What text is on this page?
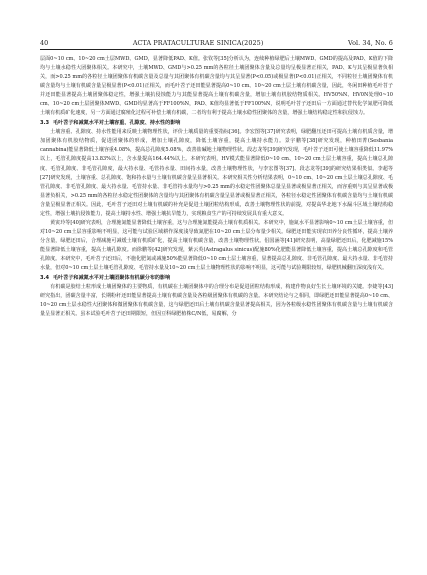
40	ACTA PRATACULTURAE SINICA(2025)	Vol. 34, No. 6

层面0~10 cm、10~20 cm土层MWD、GMD，显著降低PAD、K值。张钦等[35]分析认为，连续种植绿肥后土壤MWD、GMD的提高及PAD、K值的下降均与土壤水稳性大团聚体相关。本研究中，土壤MWD、GMD与>0.25 mm的各粒径土壤团聚体含量及总量均呈极显著正相关，PAD、K与其呈极显著负相关，而>0.25 mm的各粒径土壤团聚体有机碳含量及总量与其团聚体有机碳含量均与其呈显著(P<0.05)或极显著(P<0.01)正相关，不同粒径土壤团聚体有机碳含量均与土壤有机碳含量呈极显著(P<0.01)正相关，而毛叶苕子还田能显著提高0~10 cm、10~20 cm土层土壤有机碳含量，因此，冬闲田种植毛叶苕子并还田能显著提高土壤团聚体稳定性，增强土壤抗侵蚀能力与其能显著提高土壤有机碳含量，增加土壤有机胶结物质相关。HV50%N、HV0N处理0~10 cm、10~20 cm土层团聚体MWD、GMD均显著高于FF100%N，PAD、K值均显著低于FF100%N，说明毛叶苕子还田后一方面通过替代化学氮肥可降低土壤有机质矿化速度，另一方面通过腐殖化过程可补偿土壤有机碳，二者均有利于提高土壤水稳性团聚体的含量，增强土壤结构稳定性和抗侵蚀力。

3.3 毛叶苕子和减氮水平对土壤容重、孔隙度、持水性的影响

土壤容重、孔隙度、持水性能用来反映土壤物理性状，评价土壤质量的重要指标[36]。李宏图等[37]研究表明，绿肥翻压还田可提高土壤有机质含量，增加团聚体有机胶结物质，促进团聚体的形成，增加土壤孔隙度，降低土壤容重，提高土壤持水能力。景宇鹏等[38]研究发现，种植田菁(Sesbania cannabina)能显著降低土壤容重4.08%，提高总孔隙度5.08%，改善盐碱地土壤物理性状。段志龙等[39]研究发现，毛叶苕子还田可使土壤容重降低11.97%以上，毛管孔隙度提高13.83%以上，含水量提高164.44%以上。本研究表明，HV模式能显著降低0~10 cm、10~20 cm土层土壤容重，提高土壤总孔隙度、毛管孔隙度、非毛管孔隙度，最大持水量、毛管持水量、田间持水量，改善土壤物理性状，与李宏图等[37]、段志龙等[39]的研究结果相类似。李超等[27]研究发现，土壤容重、总孔隙度、饱和持水量与土壤有机碳含量呈显著相关。本研究相关性分析结果表明，0~10 cm、10~20 cm土层土壤总孔隙度、毛管孔隙度、非毛管孔隙度、最大持水量、毛管持水量、非毛管持水量均与>0.25 mm的水稳定性团聚体总量呈显著或极显著正相关，而容重则与其呈显著或极显著负相关，>0.25 mm的各粒径水稳定性团聚体的含量均与其团聚体有机碳含量呈显著或极显著正相关，各粒径水稳定性团聚体有机碳含量均与土壤有机碳含量呈极显著正相关。因此，毛叶苕子还田对土壤有机碳的补充是促进土壤团粒结构形成，改善土壤物理性状的前提，对提高华北地下水漏斗区域土壤结构稳定性，增强土壤抗侵蚀能力，提高土壤持水性、增强土壤抗旱能力，实现粮食生产的可持续发展具有重大意义。

黄寅玲等[40]研究表明，合理施氮能显著降低土壤容重，这与合理施氮能提高土壤有机质相关。本研究中，施氮水平显著影响0~10 cm土层土壤容重，但对10~20 cm土层容重影响不明显，这可能与试验区域耕作深度浅导致氮肥在10~20 cm土层分布量少相关。绿肥还田能实现农田养分良性循环，提高土壤养分含量，绿肥还田后，合理减施可减缓土壤有机质矿化，提高土壤有机碳含量，改善土壤物理性状。侣国涵等[41]研究表明，高量绿肥还田后，化肥减施15%能显著降低土壤容重，提高土壤孔隙度。而徐鹏等[42]研究发现，紫云英(Astragalus sinicus)配施80%化肥能显著降低土壤容重，提高土壤总孔隙度和毛管孔隙度。本研究中，毛叶苕子还田后，不施化肥氮或减施50%能显著降低0~10 cm土层土壤容重，显著提高总孔隙度、非毛管孔隙度、最大持水量、非毛管持水量，但对0~10 cm土层土壤毛管孔隙度、毛管持水量及10~20 cm土层土壤物理性状的影响不明显，这可能与试验期限较短，绿肥机械翻压深度浅有关。

3.4 毛叶苕子和减氮水平对土壤团聚体有机碳分布的影响

有机碳是胶结土粒形成土壤团聚体的主要物质，有机碳在土壤团聚体中的合理分布是促进团粒结构形成，构建作物良好生长土壤环境的关键。李婕等[43]研究指出，团碳含量丰富，长期粉秆还田能显著提高土壤有机碳含量及各粒级团聚体有机碳的含量。本研究结论与之相同，即绿肥还田能显著提高0~10 cm、10~20 cm土层水稳性大团聚体和微团聚体有机碳含量，这与绿肥还田后土壤有机碳含量显著提高相关，因为各粒级水稳性团聚体有机碳含量与土壤有机碳含量呈显著正相关。虽本试验毛叶苕子还田期限短，但因豆科绿肥植株C/N低，易腐解，分
